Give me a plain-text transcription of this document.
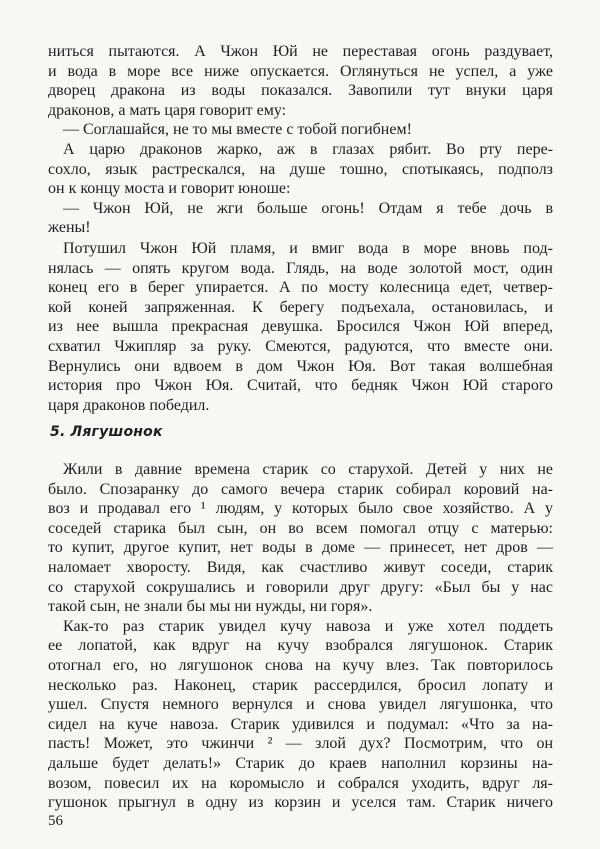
ниться пытаются. А Чжон Юй не переставая огонь раздувает,
и вода в море все ниже опускается. Оглянуться не успел, а уже
дворец дракона из воды показался. Завопили тут внуки царя
драконов, а мать царя говорит ему:
— Соглашайся, не то мы вместе с тобой погибнем!
А царю драконов жарко, аж в глазах рябит. Во рту пере-
сохло, язык растрескался, на душе тошно, спотыкаясь, подполз
он к концу моста и говорит юноше:
— Чжон Юй, не жги больше огонь! Отдам я тебе дочь в
жены!
Потушил Чжон Юй пламя, и вмиг вода в море вновь под-
нялась — опять кругом вода. Глядь, на воде золотой мост, один
конец его в берег упирается. А по мосту колесница едет, четвер-
кой коней запряженная. К берегу подъехала, остановилась, и
из нее вышла прекрасная девушка. Бросился Чжон Юй вперед,
схватил Чжипляр за руку. Смеются, радуются, что вместе они.
Вернулись они вдвоем в дом Чжон Юя. Вот такая волшебная
история про Чжон Юя. Считай, что бедняк Чжон Юй старого
царя драконов победил.
5. Лягушонок
Жили в давние времена старик со старухой. Детей у них не
было. Спозаранку до самого вечера старик собирал коровий на-
воз и продавал его ¹ людям, у которых было свое хозяйство. А у
соседей старика был сын, он во всем помогал отцу с матерью:
то купит, другое купит, нет воды в доме — принесет, нет дров —
наломает хворосту. Видя, как счастливо живут соседи, старик
со старухой сокрушались и говорили друг другу: «Был бы у нас
такой сын, не знали бы мы ни нужды, ни горя».
Как-то раз старик увидел кучу навоза и уже хотел поддеть
ее лопатой, как вдруг на кучу взобрался лягушонок. Старик
отогнал его, но лягушонок снова на кучу влез. Так повторилось
несколько раз. Наконец, старик рассердился, бросил лопату и
ушел. Спустя немного вернулся и снова увидел лягушонка, что
сидел на куче навоза. Старик удивился и подумал: «Что за на-
пасть! Может, это чжинчи ² — злой дух? Посмотрим, что он
дальше будет делать!» Старик до краев наполнил корзины на-
возом, повесил их на коромысло и собрался уходить, вдруг ля-
гушонок прыгнул в одну из корзин и уселся там. Старик ничего
56
